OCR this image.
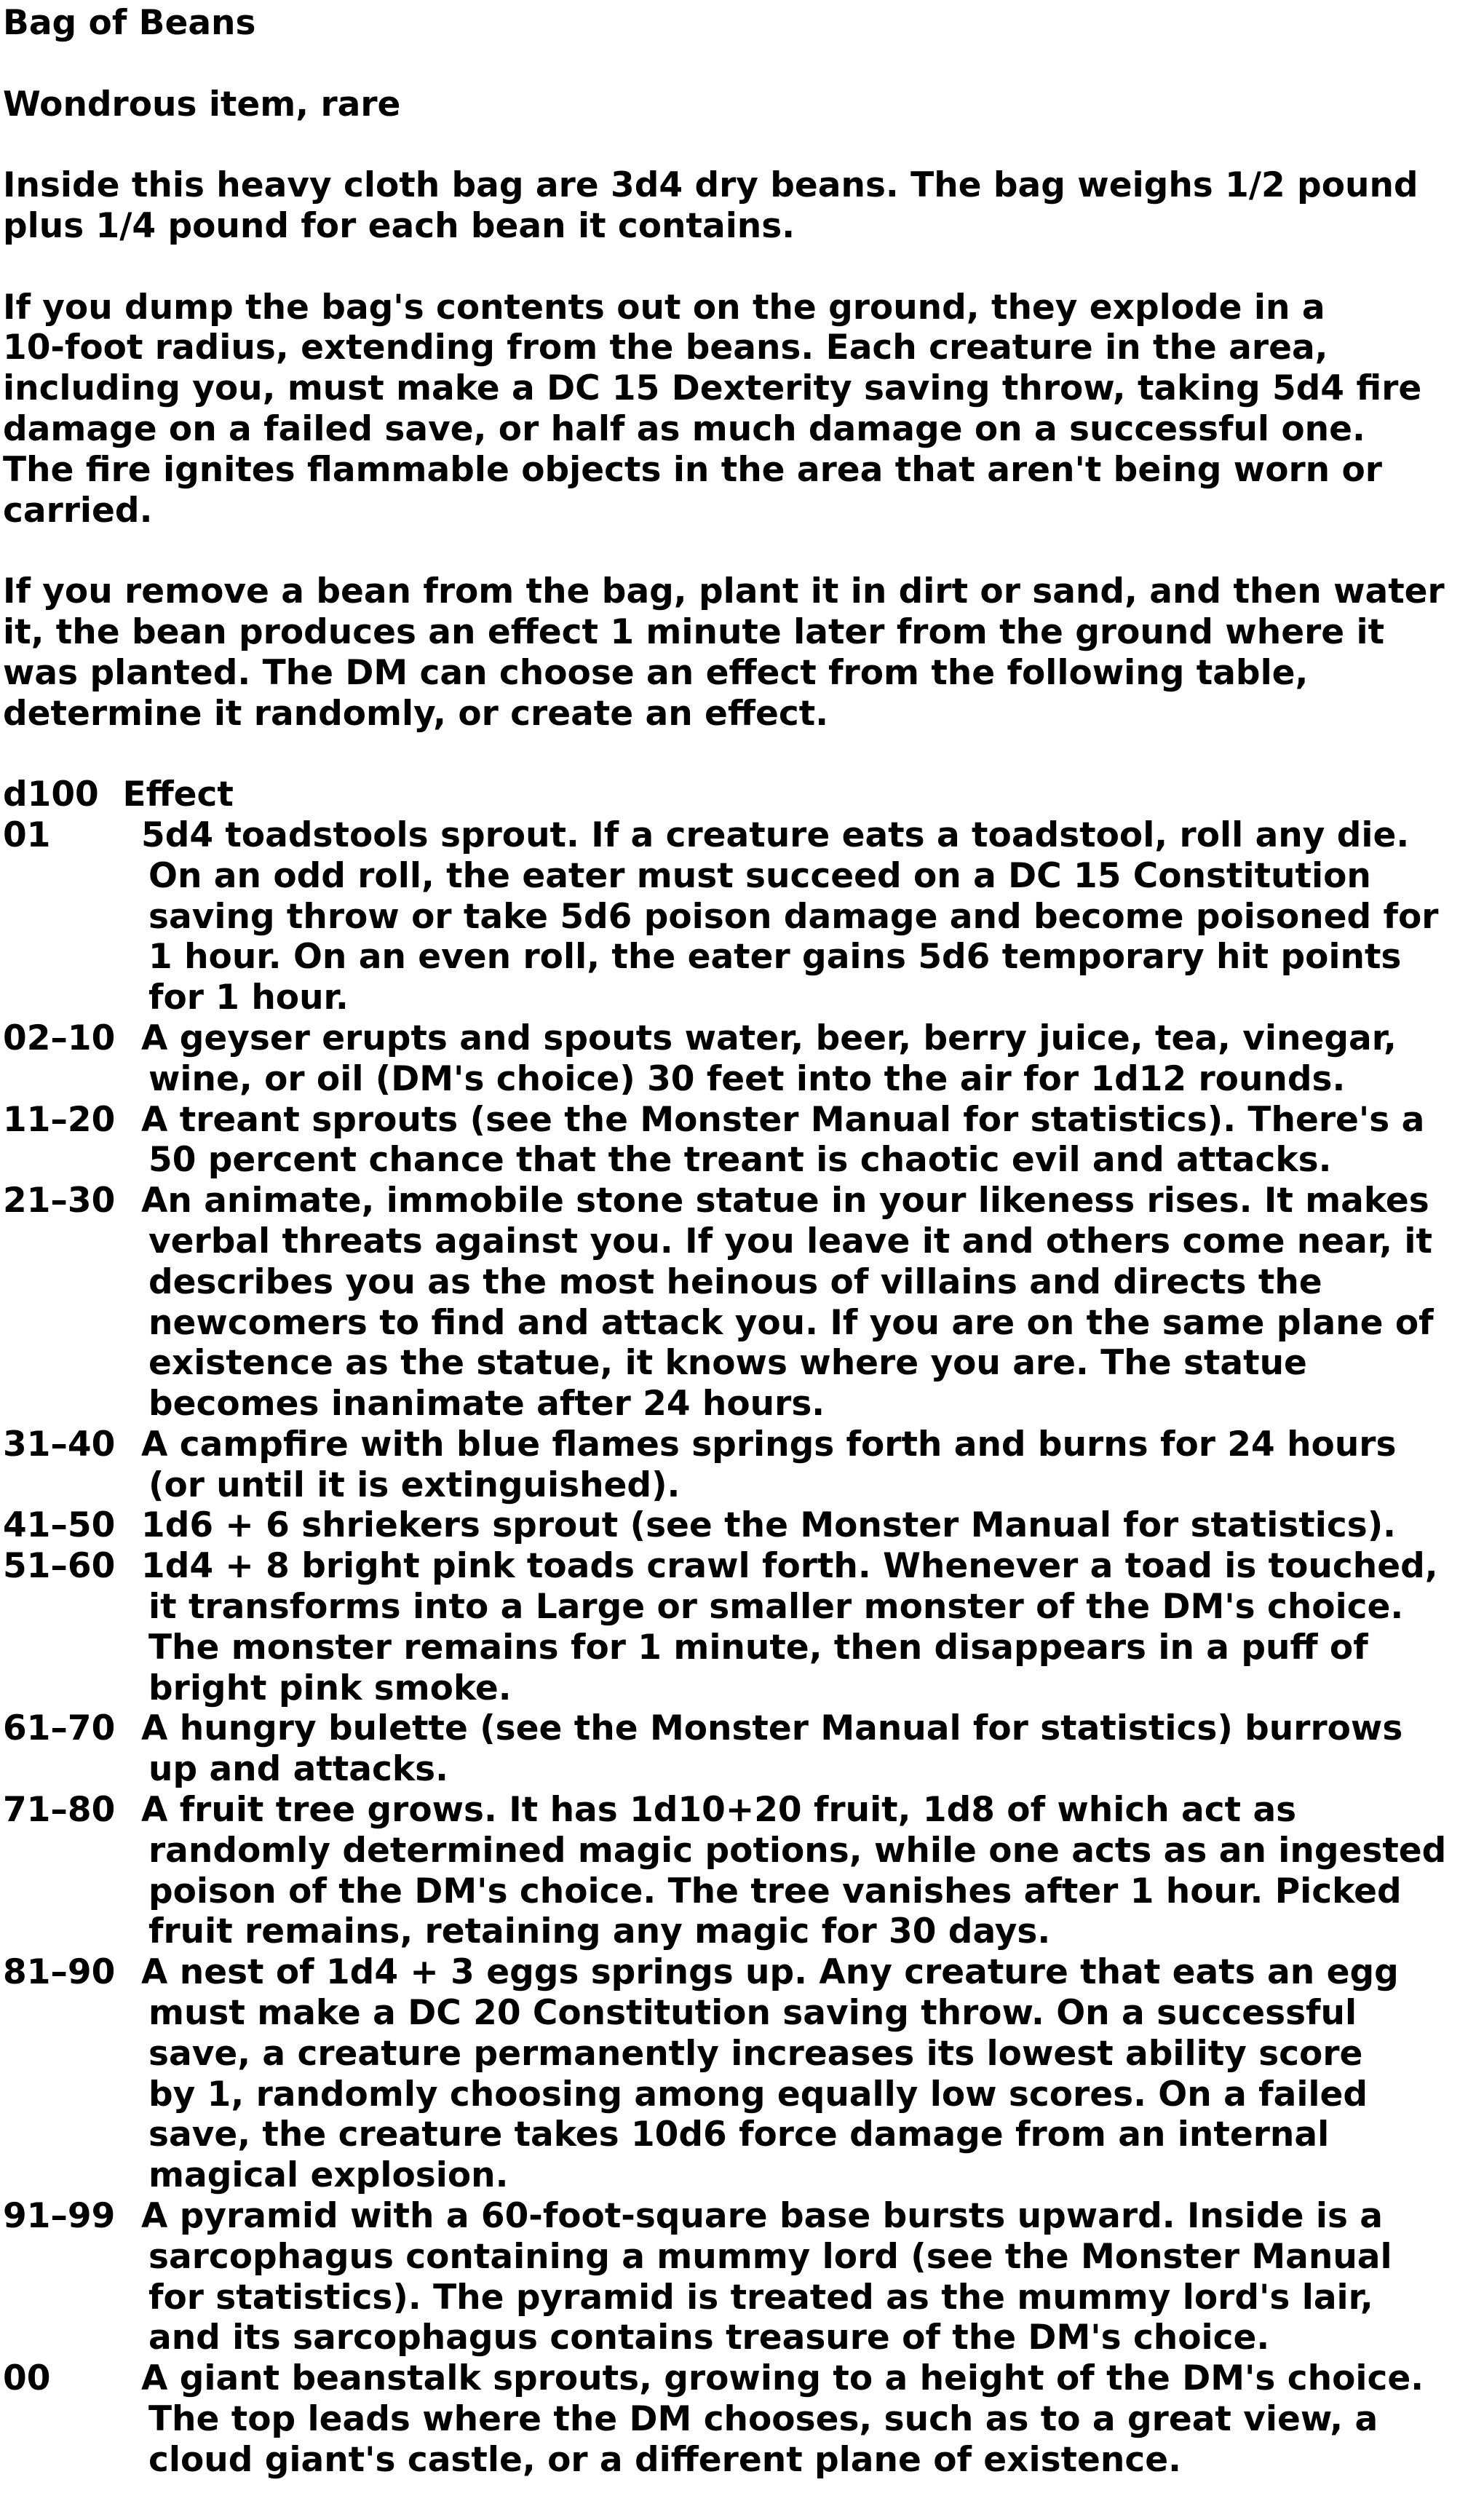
Bag of Beans
Wondrous item, rare
Inside this heavy cloth bag are 3d4 dry beans. The bag weighs 1/2 pound
plus 1/4 pound for each bean it contains.
If you dump the bag's contents out on the ground, they explode in a
10-foot radius, extending from the beans. Each creature in the area,
including you, must make a DC 15 Dexterity saving throw, taking 5d4 fire
damage on a failed save, or half as much damage on a successful one.
The fire ignites flammable objects in the area that aren't being worn or
carried.
If you remove a bean from the bag, plant it in dirt or sand, and then water
it, the bean produces an effect 1 minute later from the ground where it
was planted. The DM can choose an effect from the following table,
determine it randomly, or create an effect.
d100 Effect
01	5d4 toadstools sprout. If a creature eats a toadstool, roll any die.
On an odd roll, the eater must succeed on a DC 15 Constitution
saving throw or take 5d6 poison damage and become poisoned for
1 hour. On an even roll, the eater gains 5d6 temporary hit points
for 1 hour.
02–10 A geyser erupts and spouts water, beer, berry juice, tea, vinegar,
wine, or oil (DM's choice) 30 feet into the air for 1d12 rounds.
11–20 A treant sprouts (see the Monster Manual for statistics). There's a
50 percent chance that the treant is chaotic evil and attacks.
21–30 An animate, immobile stone statue in your likeness rises. It makes
verbal threats against you. If you leave it and others come near, it
describes you as the most heinous of villains and directs the
newcomers to find and attack you. If you are on the same plane of
existence as the statue, it knows where you are. The statue
becomes inanimate after 24 hours.
31–40 A campfire with blue flames springs forth and burns for 24 hours
(or until it is extinguished).
41–50 1d6 + 6 shriekers sprout (see the Monster Manual for statistics).
51–60 1d4 + 8 bright pink toads crawl forth. Whenever a toad is touched,
it transforms into a Large or smaller monster of the DM's choice.
The monster remains for 1 minute, then disappears in a puff of
bright pink smoke.
61–70 A hungry bulette (see the Monster Manual for statistics) burrows
up and attacks.
71–80 A fruit tree grows. It has 1d10+20 fruit, 1d8 of which act as
randomly determined magic potions, while one acts as an ingested
poison of the DM's choice. The tree vanishes after 1 hour. Picked
fruit remains, retaining any magic for 30 days.
81–90 A nest of 1d4 + 3 eggs springs up. Any creature that eats an egg
must make a DC 20 Constitution saving throw. On a successful
save, a creature permanently increases its lowest ability score
by 1, randomly choosing among equally low scores. On a failed
save, the creature takes 10d6 force damage from an internal
magical explosion.
91–99 A pyramid with a 60-foot-square base bursts upward. Inside is a
sarcophagus containing a mummy lord (see the Monster Manual
for statistics). The pyramid is treated as the mummy lord's lair,
and its sarcophagus contains treasure of the DM's choice.
00	A giant beanstalk sprouts, growing to a height of the DM's choice.
The top leads where the DM chooses, such as to a great view, a
cloud giant's castle, or a different plane of existence.
